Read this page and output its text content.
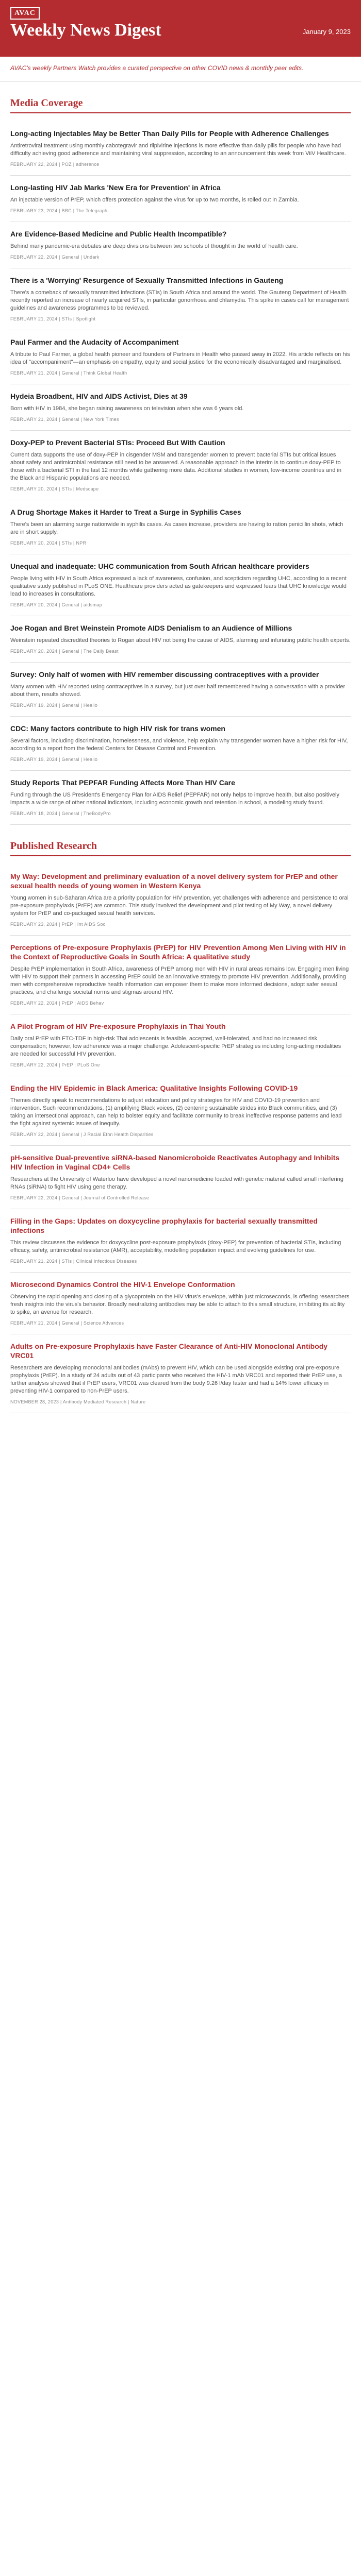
AVAC
Weekly News Digest	January 9, 2023
AVAC's weekly Partners Watch provides a curated perspective on other COVID news & monthly peer edits.
Media Coverage
Long-acting Injectables May be Better Than Daily Pills for People with Adherence Challenges
Antiretroviral treatment using monthly cabotegravir and rilpivirine injections is more effective than daily pills for people who have had difficulty achieving good adherence and maintaining viral suppression, according to an announcement this week from ViiV Healthcare.
FEBRUARY 22, 2024 | POZ | adherence
Long-lasting HIV Jab Marks 'New Era for Prevention' in Africa
An injectable version of PrEP, which offers protection against the virus for up to two months, is rolled out in Zambia.
FEBRUARY 23, 2024 | BBC | The Telegraph
Are Evidence-Based Medicine and Public Health Incompatible?
Behind many pandemic-era debates are deep divisions between two schools of thought in the world of health care.
FEBRUARY 22, 2024 | General | Undark
There is a 'Worrying' Resurgence of Sexually Transmitted Infections in Gauteng
There's a comeback of sexually transmitted infections (STIs) in South Africa and around the world. The Gauteng Department of Health recently reported an increase of nearly acquired STIs, in particular gonorrhoea and chlamydia. This spike in cases call for management guidelines and awareness programmes to be reviewed.
FEBRUARY 21, 2024 | STIs | Spotlight
Paul Farmer and the Audacity of Accompaniment
A tribute to Paul Farmer, a global health pioneer and founders of Partners in Health who passed away in 2022. His article reflects on his idea of "accompaniment"—an emphasis on empathy, equity and social justice for the economically disadvantaged and marginalised.
FEBRUARY 21, 2024 | General | Think Global Health
Hydeia Broadbent, HIV and AIDS Activist, Dies at 39
Born with HIV in 1984, she began raising awareness on television when she was 6 years old.
FEBRUARY 21, 2024 | General | New York Times
Doxy-PEP to Prevent Bacterial STIs: Proceed But With Caution
Current data supports the use of doxy-PEP in cisgender MSM and transgender women to prevent bacterial STIs but critical issues about safety and antimicrobial resistance still need to be answered. A reasonable approach in the interim is to continue doxy-PEP to those with a bacterial STI in the last 12 months while gathering more data. Additional studies in women, low-income countries and in the Black and Hispanic populations are needed.
FEBRUARY 20, 2024 | STIs | Medscape
A Drug Shortage Makes it Harder to Treat a Surge in Syphilis Cases
There's been an alarming surge nationwide in syphilis cases. As cases increase, providers are having to ration penicillin shots, which are in short supply.
FEBRUARY 20, 2024 | STIs | NPR
Unequal and inadequate: UHC communication from South African healthcare providers
People living with HIV in South Africa expressed a lack of awareness, confusion, and scepticism regarding UHC, according to a recent qualitative study published in PLoS ONE. Healthcare providers acted as gatekeepers and expressed fears that UHC knowledge would lead to increases in consultations.
FEBRUARY 20, 2024 | General | aidsmap
Joe Rogan and Bret Weinstein Promote AIDS Denialism to an Audience of Millions
Weinstein repeated discredited theories to Rogan about HIV not being the cause of AIDS, alarming and infuriating public health experts.
FEBRUARY 20, 2024 | General | The Daily Beast
Survey: Only half of women with HIV remember discussing contraceptives with a provider
Many women with HIV reported using contraceptives in a survey, but just over half remembered having a conversation with a provider about them, results showed.
FEBRUARY 19, 2024 | General | Healio
CDC: Many factors contribute to high HIV risk for trans women
Several factors, including discrimination, homelessness, and violence, help explain why transgender women have a higher risk for HIV, according to a report from the federal Centers for Disease Control and Prevention.
FEBRUARY 19, 2024 | General | Healio
Study Reports That PEPFAR Funding Affects More Than HIV Care
Funding through the US President's Emergency Plan for AIDS Relief (PEPFAR) not only helps to improve health, but also positively impacts a wide range of other national indicators, including economic growth and retention in school, a modeling study found.
FEBRUARY 18, 2024 | General | TheBodyPro
Published Research
My Way: Development and preliminary evaluation of a novel delivery system for PrEP and other sexual health needs of young women in Western Kenya
Young women in sub-Saharan Africa are a priority population for HIV prevention, yet challenges with adherence and persistence to oral pre-exposure prophylaxis (PrEP) are common. This study involved the development and pilot testing of My Way, a novel delivery system for PrEP and co-packaged sexual health services.
FEBRUARY 23, 2024 | PrEP | Int AIDS Soc
Perceptions of Pre-exposure Prophylaxis (PrEP) for HIV Prevention Among Men Living with HIV in the Context of Reproductive Goals in South Africa: A qualitative study
Despite PrEP implementation in South Africa, awareness of PrEP among men with HIV in rural areas remains low. Engaging men living with HIV to support their partners in accessing PrEP could be an innovative strategy to promote HIV prevention. Additionally, providing men with comprehensive reproductive health information can empower them to make more informed decisions, adopt safer sexual practices, and challenge societal norms and stigmas around HIV.
FEBRUARY 22, 2024 | PrEP | AIDS Behav
A Pilot Program of HIV Pre-exposure Prophylaxis in Thai Youth
Daily oral PrEP with FTC-TDF in high-risk Thai adolescents is feasible, accepted, well-tolerated, and had no increased risk compensation; however, low adherence was a major challenge. Adolescent-specific PrEP strategies including long-acting modalities are needed for successful HIV prevention.
FEBRUARY 22, 2024 | PrEP | PLoS One
Ending the HIV Epidemic in Black America: Qualitative Insights Following COVID-19
Themes directly speak to recommendations to adjust education and policy strategies for HIV and COVID-19 prevention and intervention. Such recommendations, (1) amplifying Black voices, (2) centering sustainable strides into Black communities, and (3) taking an intersectional approach, can help to bolster equity and facilitate community to break ineffective response patterns and lead the fight against systemic issues of inequity.
FEBRUARY 22, 2024 | General | J Racial Ethn Health Disparities
pH-sensitive Dual-preventive siRNA-based Nanomicroboide Reactivates Autophagy and Inhibits HIV Infection in Vaginal CD4+ Cells
Researchers at the University of Waterloo have developed a novel nanomedicine loaded with genetic material called small interfering RNAs (siRNA) to fight HIV using gene therapy.
FEBRUARY 22, 2024 | General | Journal of Controlled Release
Filling in the Gaps: Updates on doxycycline prophylaxis for bacterial sexually transmitted infections
This review discusses the evidence for doxycycline post-exposure prophylaxis (doxy-PEP) for prevention of bacterial STIs, including efficacy, safety, antimicrobial resistance (AMR), acceptability, modelling population impact and evolving guidelines for use.
FEBRUARY 21, 2024 | STIs | Clinical Infectious Diseases
Microsecond Dynamics Control the HIV-1 Envelope Conformation
Observing the rapid opening and closing of a glycoprotein on the HIV virus's envelope, within just microseconds, is offering researchers fresh insights into the virus's behavior. Broadly neutralizing antibodies may be able to attach to this small structure, inhibiting its ability to spike, an avenue for research.
FEBRUARY 21, 2024 | General | Science Advances
Adults on Pre-exposure Prophylaxis have Faster Clearance of Anti-HIV Monoclonal Antibody VRC01
Researchers are developing monoclonal antibodies (mAbs) to prevent HIV, which can be used alongside existing oral pre-exposure prophylaxis (PrEP). In a study of 24 adults out of 43 participants who received the HIV-1 mAb VRC01 and reported their PrEP use, a further analysis showed that if PrEP users, VRC01 was cleared from the body 9.26 l/day faster and had a 14% lower efficacy in preventing HIV-1 compared to non-PrEP users.
NOVEMBER 28, 2023 | Antibody Mediated Research | Nature
